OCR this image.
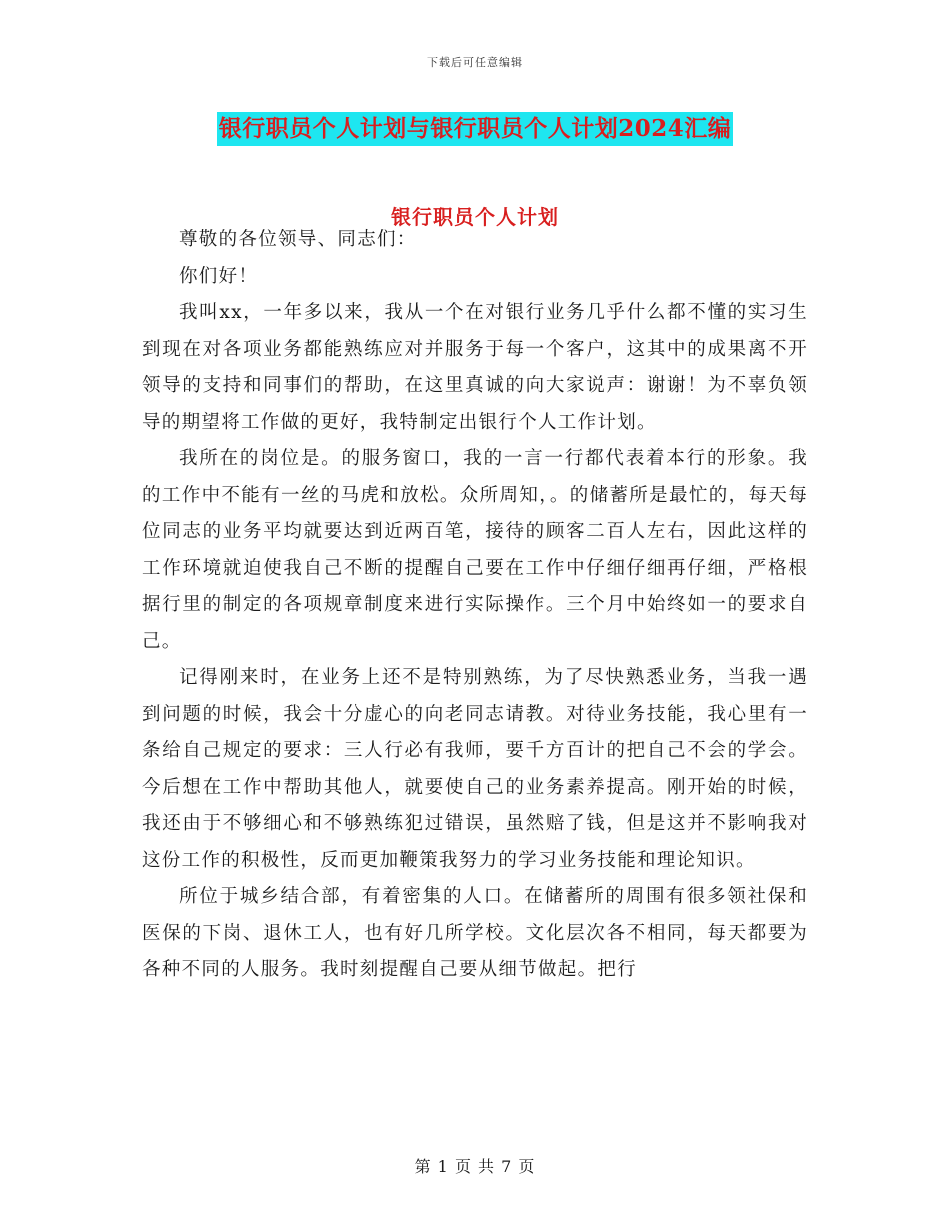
下载后可任意编辑
银行职员个人计划与银行职员个人计划2024汇编
银行职员个人计划

尊敬的各位领导、同志们：

你们好！

我叫xx，一年多以来，我从一个在对银行业务几乎什么都不懂的实习生到现在对各项业务都能熟练应对并服务于每一个客户，这其中的成果离不开领导的支持和同事们的帮助，在这里真诚的向大家说声：谢谢！为不辜负领导的期望将工作做的更好，我特制定出银行个人工作计划。

我所在的岗位是。的服务窗口，我的一言一行都代表着本行的形象。我的工作中不能有一丝的马虎和放松。众所周知，。的储蓄所是最忙的，每天每位同志的业务平均就要达到近两百笔，接待的顾客二百人左右，因此这样的工作环境就迫使我自己不断的提醒自己要在工作中仔细仔细再仔细，严格根据行里的制定的各项规章制度来进行实际操作。三个月中始终如一的要求自己。

记得刚来时，在业务上还不是特别熟练，为了尽快熟悉业务，当我一遇到问题的时候，我会十分虚心的向老同志请教。对待业务技能，我心里有一条给自己规定的要求：三人行必有我师，要千方百计的把自己不会的学会。今后想在工作中帮助其他人，就要使自己的业务素养提高。刚开始的时候，我还由于不够细心和不够熟练犯过错误，虽然赔了钱，但是这并不影响我对这份工作的积极性，反而更加鞭策我努力的学习业务技能和理论知识。

所位于城乡结合部，有着密集的人口。在储蓄所的周围有很多领社保和医保的下岗、退休工人，也有好几所学校。文化层次各不相同，每天都要为各种不同的人服务。我时刻提醒自己要从细节做起。把行

第 1 页 共 7 页
